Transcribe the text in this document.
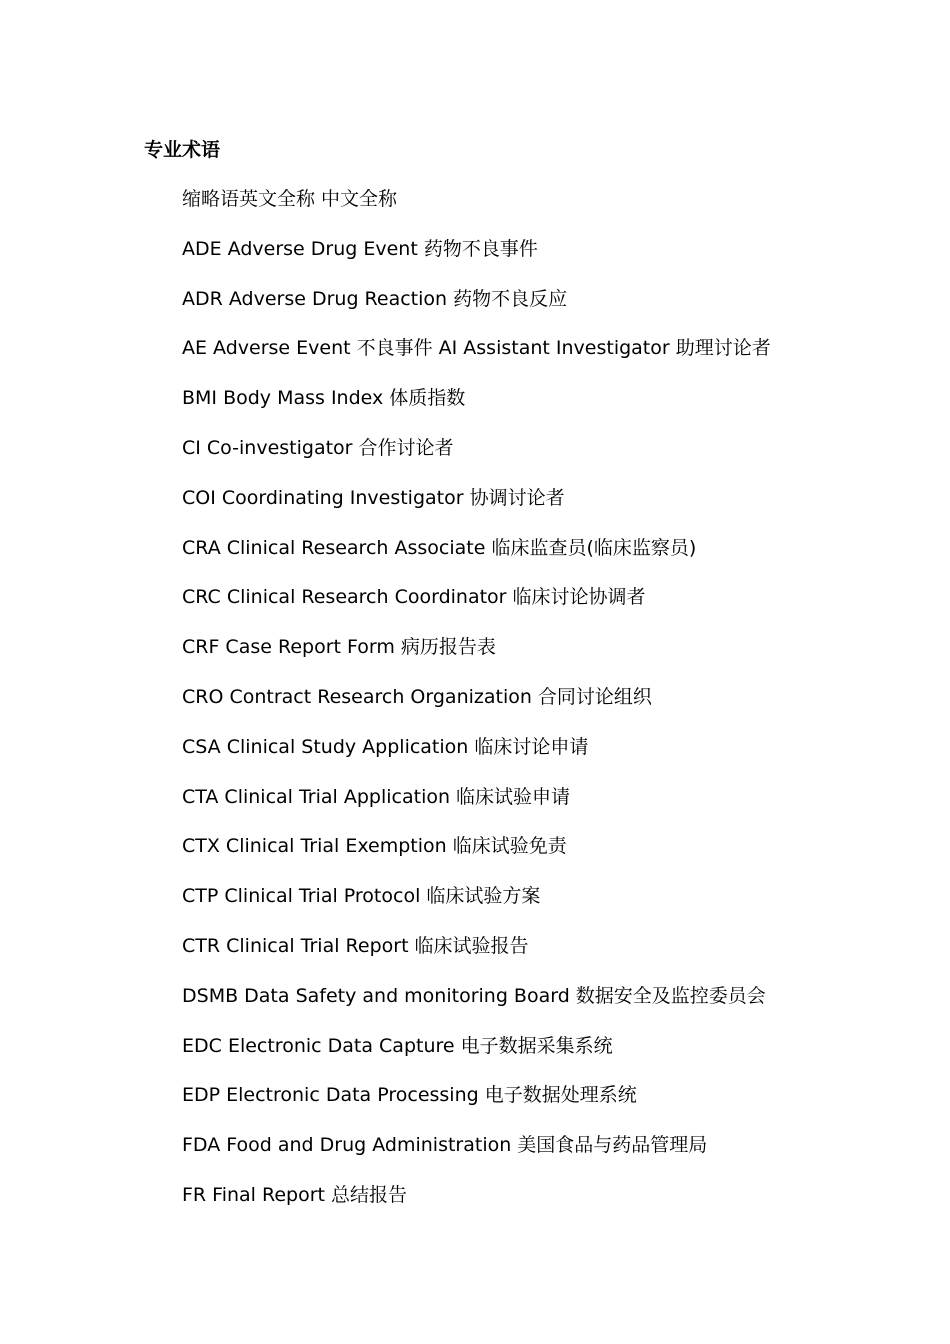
专业术语
缩略语英文全称 中文全称
ADE Adverse Drug Event 药物不良事件
ADR Adverse Drug Reaction 药物不良反应
AE Adverse Event 不良事件 AI Assistant Investigator 助理讨论者
BMI Body Mass Index 体质指数
CI Co-investigator 合作讨论者
COI Coordinating Investigator 协调讨论者
CRA Clinical Research Associate 临床监查员(临床监察员)
CRC Clinical Research Coordinator 临床讨论协调者
CRF Case Report Form 病历报告表
CRO Contract Research Organization 合同讨论组织
CSA Clinical Study Application 临床讨论申请
CTA Clinical Trial Application 临床试验申请
CTX Clinical Trial Exemption 临床试验免责
CTP Clinical Trial Protocol 临床试验方案
CTR Clinical Trial Report 临床试验报告
DSMB Data Safety and monitoring Board 数据安全及监控委员会
EDC Electronic Data Capture 电子数据采集系统
EDP Electronic Data Processing 电子数据处理系统
FDA Food and Drug Administration 美国食品与药品管理局
FR Final Report 总结报告
